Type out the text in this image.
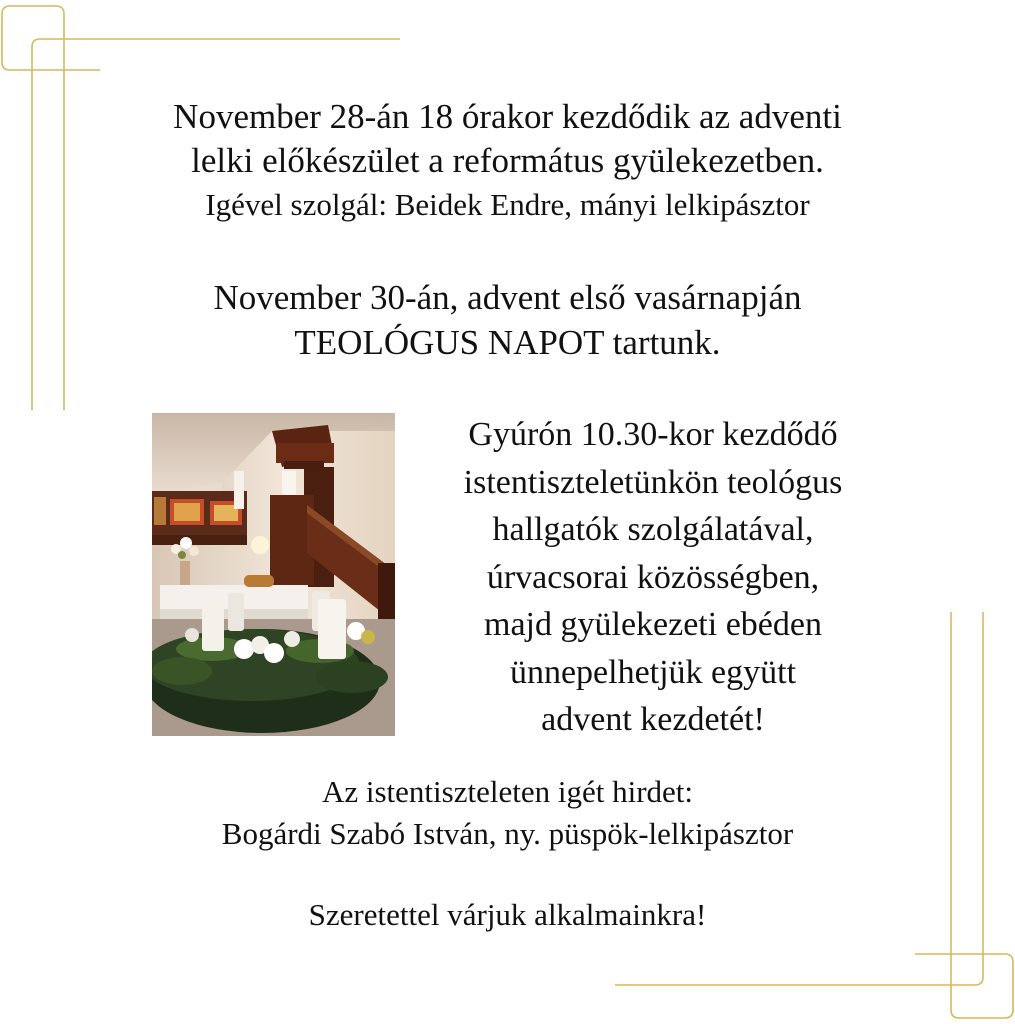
November 28-án 18 órakor kezdődik az adventi
lelki előkészület a református gyülekezetben.
Igével szolgál: Beidek Endre, mányi lelkipásztor
November 30-án, advent első vasárnapján
TEOLÓGUS NAPOT tartunk.
Gyúrón 10.30-kor kezdődő
istentiszteletünkön teológus
hallgatók szolgálatával,
úrvacsorai közösségben,
majd gyülekezeti ebéden
ünnepelhetjük együtt
advent kezdetét!
Az istentiszteleten igét hirdet:
Bogárdi Szabó István, ny. püspök-lelkipásztor
Szeretettel várjuk alkalmainkra!
